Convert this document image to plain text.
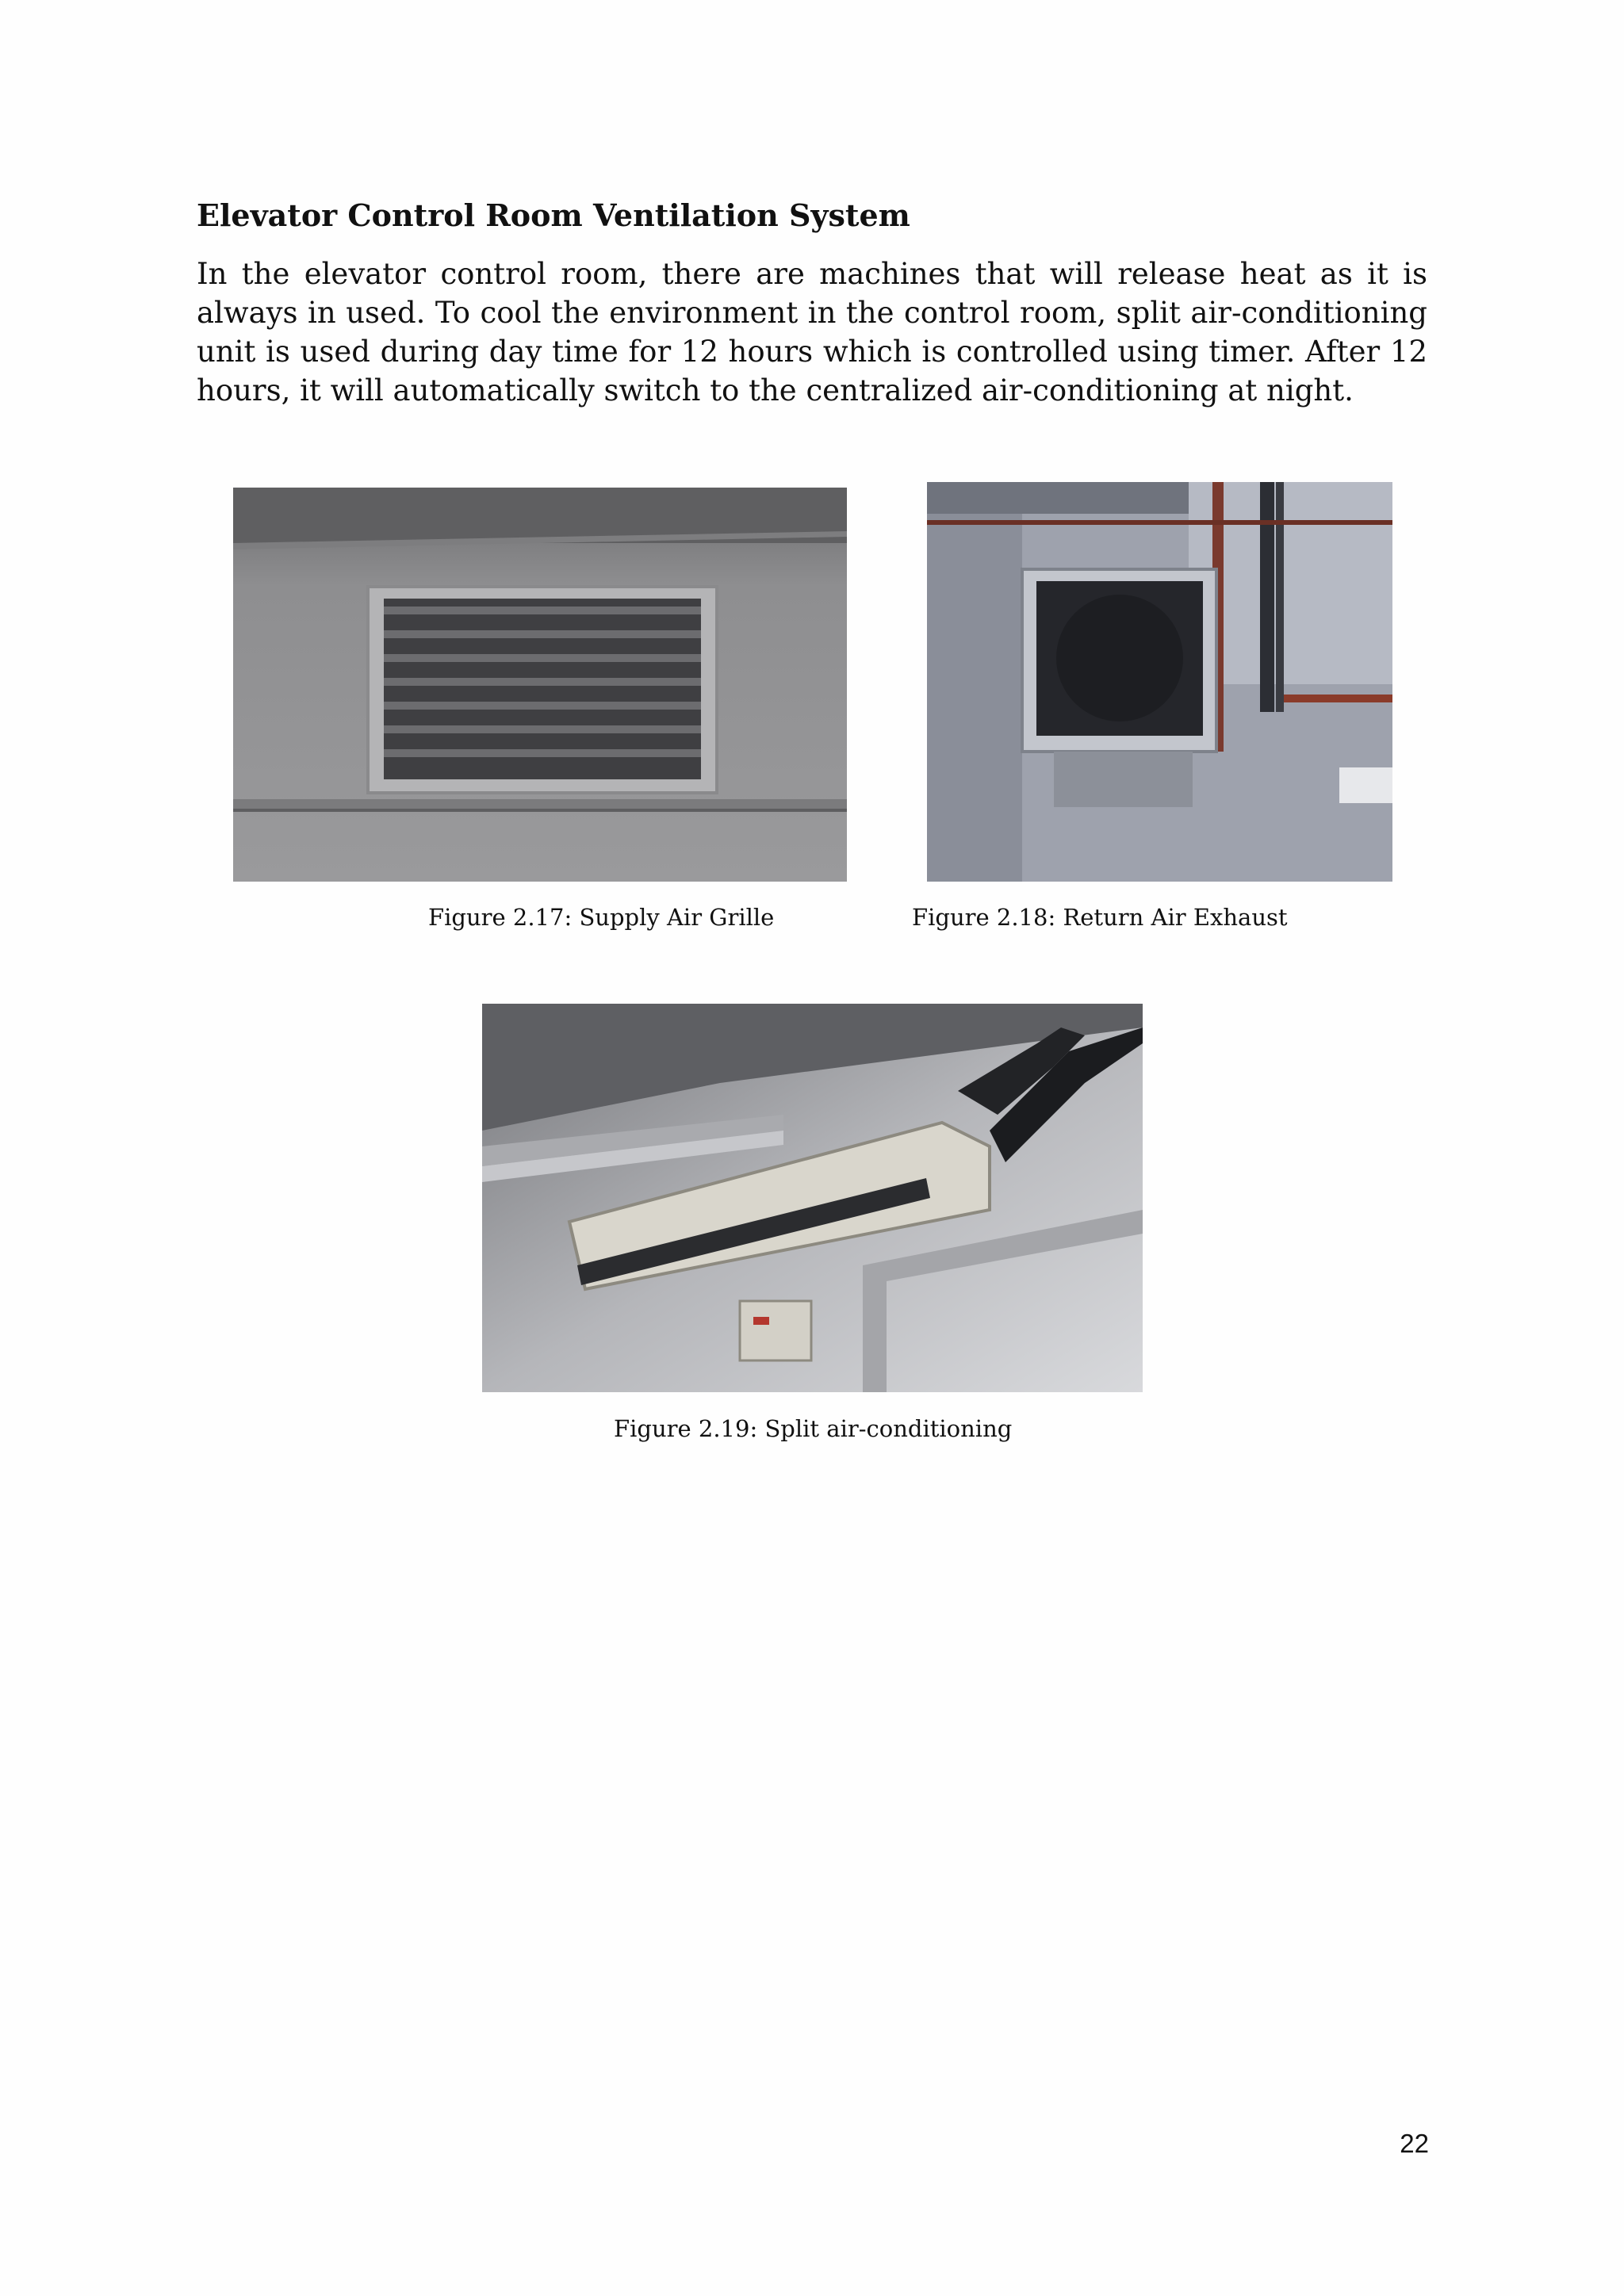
Elevator Control Room Ventilation System

In the elevator control room, there are machines that will release heat as it is always in used. To cool the environment in the control room, split air-conditioning unit is used during day time for 12 hours which is controlled using timer. After 12 hours, it will automatically switch to the centralized air-conditioning at night.

Figure 2.17: Supply Air Grille	Figure 2.18: Return Air Exhaust
Figure 2.19: Split air-conditioning
22
